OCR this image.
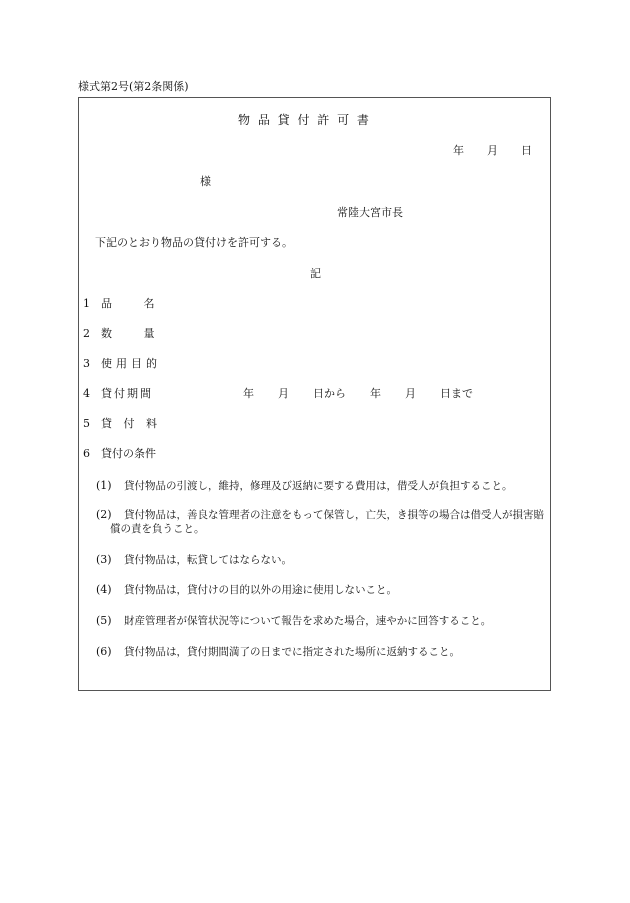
様式第2号(第2条関係)
物 品 貸 付 許 可 書
年 月 日
様
常陸大宮市長
下記のとおり物品の貸付けを許可する。
記
1 品 名
2 数 量
3 使用目的
4 貸付期間
5 貸 付 料
6 貸付の条件
年 月 日から 年 月 日まで
(1) 貸付物品の引渡し，維持，修理及び返納に要する費用は，借受人が負担すること。
(2)	貸付物品は，善良な管理者の注意をもって保管し，亡失，き損等の場合は借受人が損害賠償の責を負うこと。
(3) 貸付物品は，転貸してはならない。
(4) 貸付物品は，貸付けの目的以外の用途に使用しないこと。
(5) 財産管理者が保管状況等について報告を求めた場合，速やかに回答すること。
(6) 貸付物品は，貸付期間満了の日までに指定された場所に返納すること。
